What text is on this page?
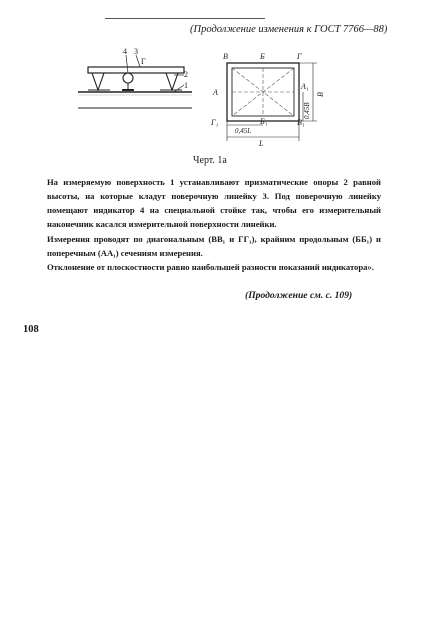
(Продолжение изменения к ГОСТ 7766—88)
4 3
Г
2
1
В	Б	Г
А
А₁
Г₁	Б₁	В₁
0,45L
L
0,45В
В
Черт. 1а
На измеряемую поверхность 1 устанавливают призматические опоры 2 равной высоты, на которые кладут поверочную линейку 3. Под поверочную линейку помещают индикатор 4 на специальной стойке так, чтобы его измерительный наконечник касался измерительной поверхности линейки.
Измерения проводят по диагональным (ВВ₁ и ГГ₁), крайним продольным (ББ₁) и поперечным (АА₁) сечениям измерения.
Отклонение от плоскостности равно наибольшей разности показаний индикатора».
(Продолжение см. с. 109)
108
